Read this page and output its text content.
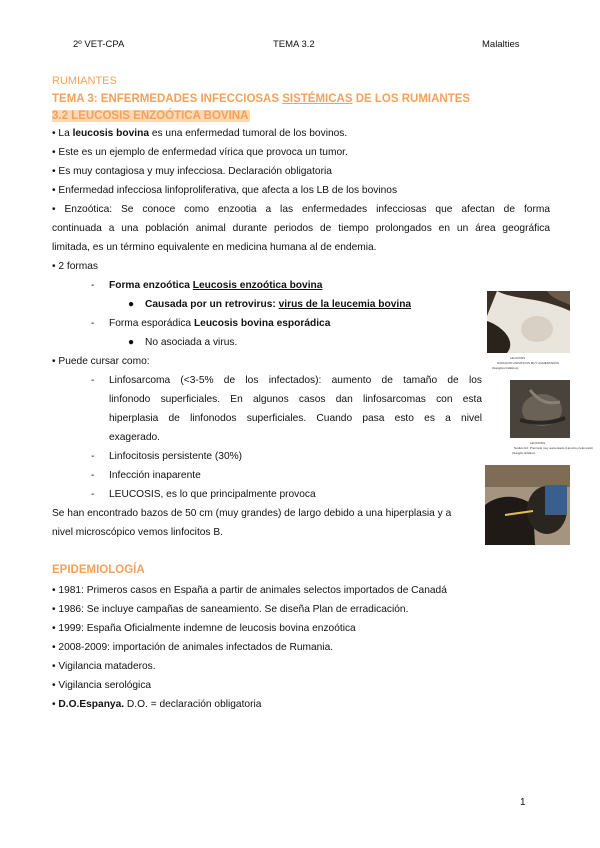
2º VET-CPA	TEMA 3.2	Malalties
RUMIANTES
TEMA 3: ENFERMEDADES INFECCIOSAS SISTÉMICAS DE LOS RUMIANTES
3.2 LEUCOSIS ENZOÓTICA BOVINA
• La leucosis bovina es una enfermedad tumoral de los bovinos.
• Este es un ejemplo de enfermedad vírica que provoca un tumor.
• Es muy contagiosa y muy infecciosa. Declaración obligatoria
• Enfermedad infecciosa linfoproliferativa, que afecta a los LB de los bovinos
• Enzoótica: Se conoce como enzootia a las enfermedades infecciosas que afectan de forma
continuada a una población animal durante periodos de tiempo prolongados en un área geográfica
limitada, es un término equivalente en medicina humana al de endemia.
• 2 formas
- Forma enzoótica Leucosis enzoótica bovina
● Causada por un retrovirus: virus de la leucemia bovina
- Forma esporádica Leucosis bovina esporádica
● No asociada a virus.
• Puede cursar como:
- Linfosarcoma (<3-5% de los infectados): aumento de tamaño de los
linfonodo superficiales. En algunos casos dan linfosarcomas con esta
hiperplasia de linfonodos superficiales. Cuando pasa esto es a nivel
exagerado.
- Linfocitosis persistente (30%)
- Infección inaparente
- LEUCOSIS, es lo que principalmente provoca
Se han encontrado bazos de 50 cm (muy grandes) de largo debido a una hiperplasia y a
nivel microscópico vemos linfocitos B.
LEUCOSIS
NODULOS LINFATICOS MUY AUMENTADOS
(Ganglios linfáticos)
LEUCOSIS
Nódulo linf. Precrural muy aumentado (Lipocito prefemoral)
(Ganglio linfático)
EPIDEMIOLOGÍA
• 1981: Primeros casos en España a partir de animales selectos importados de Canadá
• 1986: Se incluye campañas de saneamiento. Se diseña Plan de erradicación.
• 1999: España Oficialmente indemne de leucosis bovina enzoótica
• 2008-2009: importación de animales infectados de Rumania.
• Vigilancia mataderos.
• Vigilancia serológica
• D.O.Espanya. D.O. = declaración obligatoria
1
